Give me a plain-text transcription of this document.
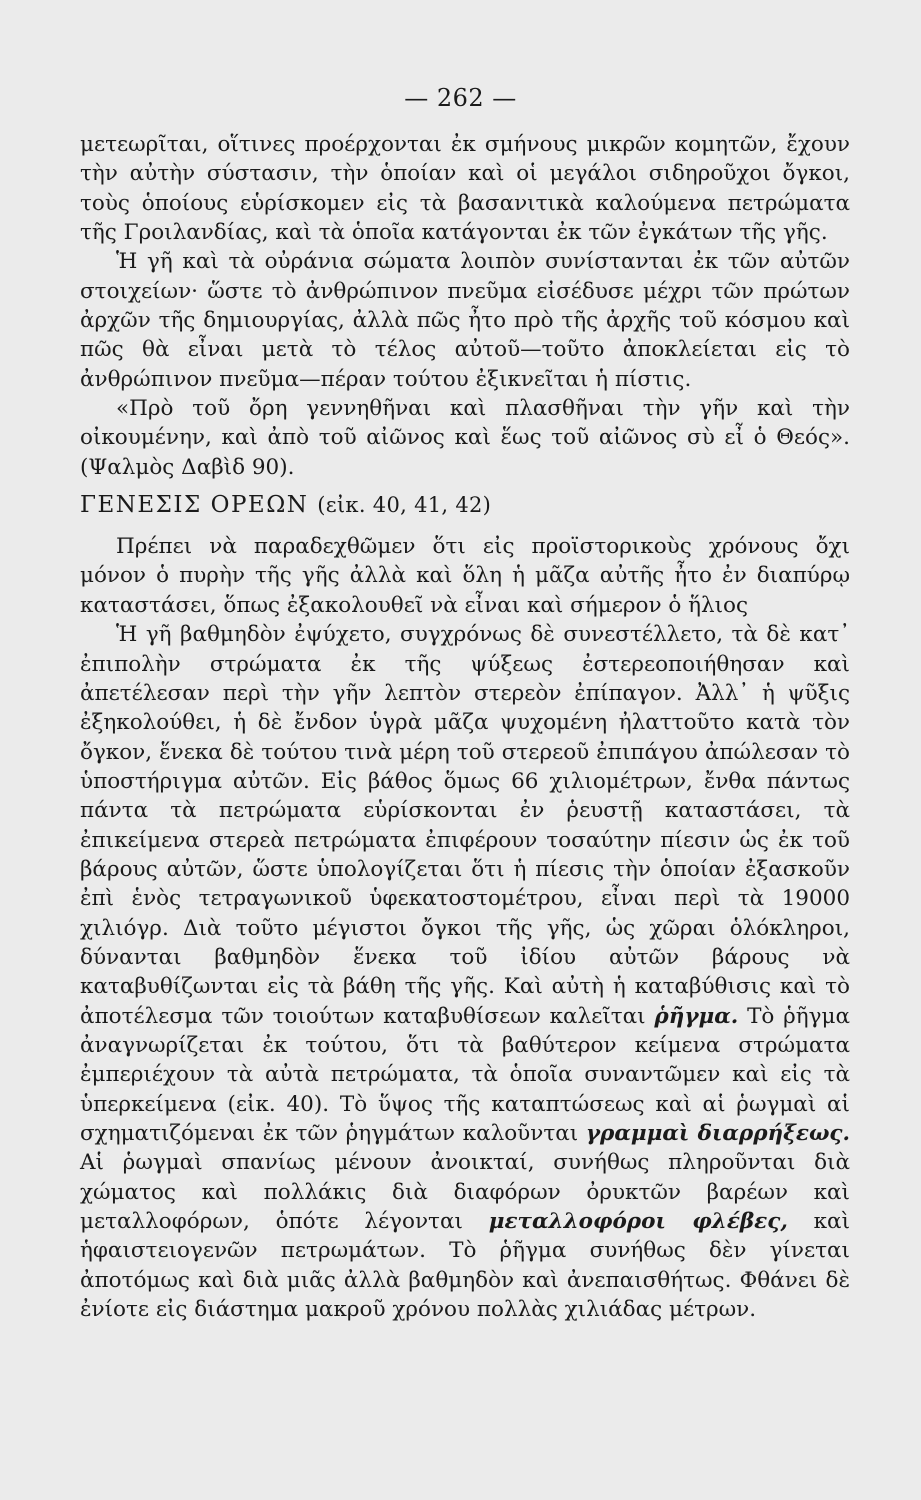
— 262 —

μετεωρῖται, οἵτινες προέρχονται ἐκ σμήνους μικρῶν κομητῶν, ἔχουν τὴν αὐτὴν σύστασιν, τὴν ὁποίαν καὶ οἱ μεγάλοι σιδηροῦχοι ὄγκοι, τοὺς ὁποίους εὑρίσκομεν εἰς τὰ βασανιτικὰ καλούμενα πετρώματα τῆς Γροιλανδίας, καὶ τὰ ὁποῖα κατάγονται ἐκ τῶν ἐγκάτων τῆς γῆς.

Ἡ γῆ καὶ τὰ οὐράνια σώματα λοιπὸν συνίστανται ἐκ τῶν αὐτῶν στοιχείων· ὥστε τὸ ἀνθρώπινον πνεῦμα εἰσέδυσε μέχρι τῶν πρώτων ἀρχῶν τῆς δημιουργίας, ἀλλὰ πῶς ἦτο πρὸ τῆς ἀρχῆς τοῦ κόσμου καὶ πῶς θὰ εἶναι μετὰ τὸ τέλος αὐτοῦ—τοῦτο ἀποκλείεται εἰς τὸ ἀνθρώπινον πνεῦμα—πέραν τούτου ἐξικνεῖται ἡ πίστις.

«Πρὸ τοῦ ὄρη γεννηθῆναι καὶ πλασθῆναι τὴν γῆν καὶ τὴν οἰκουμένην, καὶ ἀπὸ τοῦ αἰῶνος καὶ ἕως τοῦ αἰῶνος σὺ εἶ ὁ Θεός». (Ψαλμὸς Δαβὶδ 90).

ΓΕΝΕΣΙΣ ΟΡΕΩΝ (εἰκ. 40, 41, 42)

Πρέπει νὰ παραδεχθῶμεν ὅτι εἰς προϊστορικοὺς χρόνους ὄχι μόνον ὁ πυρὴν τῆς γῆς ἀλλὰ καὶ ὅλη ἡ μᾶζα αὐτῆς ἦτο ἐν διαπύρῳ καταστάσει, ὅπως ἐξακολουθεῖ νὰ εἶναι καὶ σήμερον ὁ ἥλιος

Ἡ γῆ βαθμηδὸν ἐψύχετο, συγχρόνως δὲ συνεστέλλετο, τὰ δὲ κατ᾽ ἐπιπολὴν στρώματα ἐκ τῆς ψύξεως ἐστερεοποιήθησαν καὶ ἀπετέλεσαν περὶ τὴν γῆν λεπτὸν στερεὸν ἐπίπαγον. Ἀλλ᾽ ἡ ψῦξις ἐξηκολούθει, ἡ δὲ ἔνδον ὑγρὰ μᾶζα ψυχομένη ἠλαττοῦτο κατὰ τὸν ὄγκον, ἕνεκα δὲ τούτου τινὰ μέρη τοῦ στερεοῦ ἐπιπάγου ἀπώλεσαν τὸ ὑποστήριγμα αὐτῶν. Εἰς βάθος ὅμως 66 χιλιομέτρων, ἔνθα πάντως πάντα τὰ πετρώματα εὑρίσκονται ἐν ῥευστῇ καταστάσει, τὰ ἐπικείμενα στερεὰ πετρώματα ἐπιφέρουν τοσαύτην πίεσιν ὡς ἐκ τοῦ βάρους αὐτῶν, ὥστε ὑπολογίζεται ὅτι ἡ πίεσις τὴν ὁποίαν ἐξασκοῦν ἐπὶ ἑνὸς τετραγωνικοῦ ὑφεκατοστομέτρου, εἶναι περὶ τὰ 19000 χιλιόγρ. Διὰ τοῦτο μέγιστοι ὄγκοι τῆς γῆς, ὡς χῶραι ὁλόκληροι, δύνανται βαθμηδὸν ἕνεκα τοῦ ἰδίου αὐτῶν βάρους νὰ καταβυθίζωνται εἰς τὰ βάθη τῆς γῆς. Καὶ αὐτὴ ἡ καταβύθισις καὶ τὸ ἀποτέλεσμα τῶν τοιούτων καταβυθίσεων καλεῖται ῥῆγμα. Τὸ ῥῆγμα ἀναγνωρίζεται ἐκ τούτου, ὅτι τὰ βαθύτερον κείμενα στρώματα ἐμπεριέχουν τὰ αὐτὰ πετρώματα, τὰ ὁποῖα συναντῶμεν καὶ εἰς τὰ ὑπερκείμενα (εἰκ. 40). Τὸ ὕψος τῆς καταπτώσεως καὶ αἱ ῥωγμαὶ αἱ σχηματιζόμεναι ἐκ τῶν ῥηγμάτων καλοῦνται γραμμαὶ διαρρήξεως. Αἱ ῥωγμαὶ σπανίως μένουν ἀνοικταί, συνήθως πληροῦνται διὰ χώματος καὶ πολλάκις διὰ διαφόρων ὀρυκτῶν βαρέων καὶ μεταλλοφόρων, ὁπότε λέγονται μεταλλοφόροι φλέβες, καὶ ἡφαιστειογενῶν πετρωμάτων. Τὸ ῥῆγμα συνήθως δὲν γίνεται ἀποτόμως καὶ διὰ μιᾶς ἀλλὰ βαθμηδὸν καὶ ἀνεπαισθήτως. Φθάνει δὲ ἐνίοτε εἰς διάστημα μακροῦ χρόνου πολλὰς χιλιάδας μέτρων.
